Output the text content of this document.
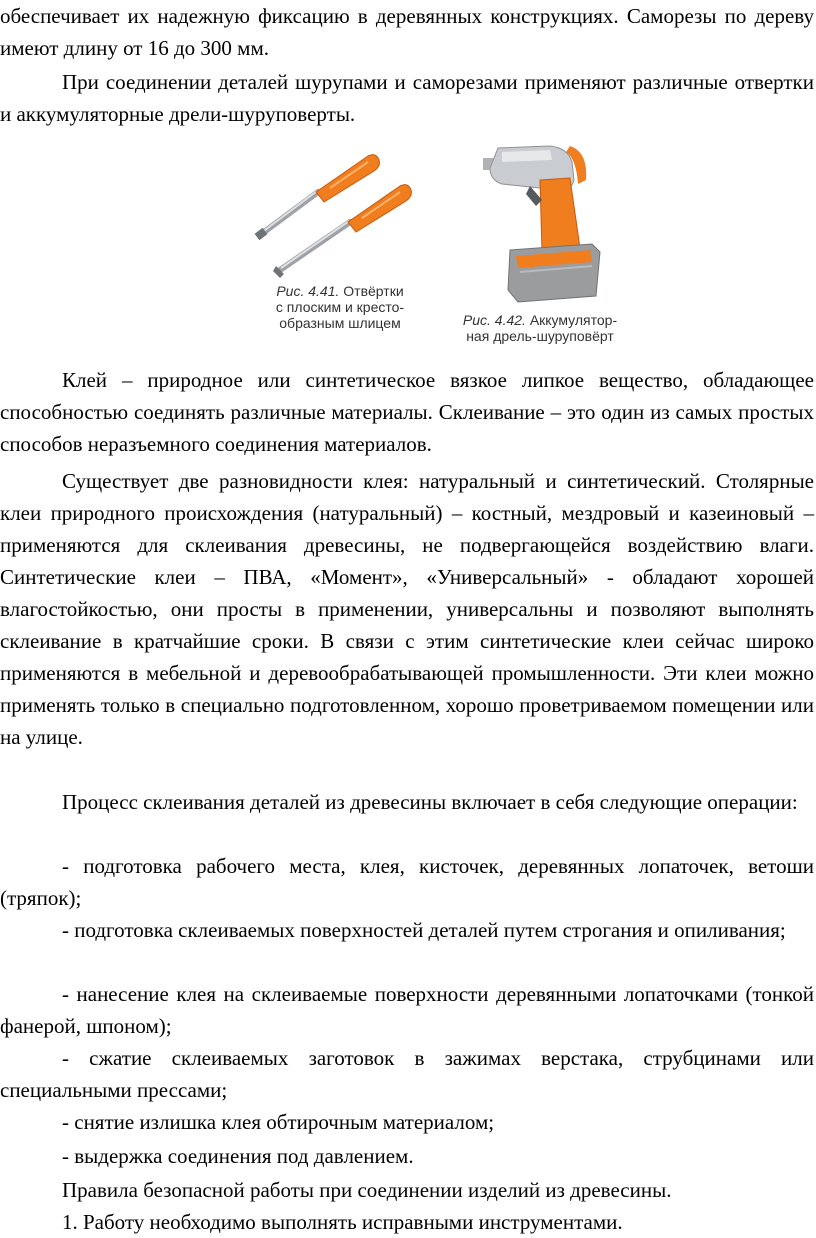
обеспечивает их надежную фиксацию в деревянных конструкциях. Саморезы по дереву имеют длину от 16 до 300 мм.

При соединении деталей шурупами и саморезами применяют различные отвертки и аккумуляторные дрели-шуруповерты.

Рис. 4.41. Отвёртки
с плоским и кресто-
образным шлицем	Рис. 4.42. Аккумулятор-
ная дрель-шуруповёрт

Клей – природное или синтетическое вязкое липкое вещество, обладающее способностью соединять различные материалы. Склеивание – это один из самых простых способов неразъемного соединения материалов.

Существует две разновидности клея: натуральный и синтетический. Столярные клеи природного происхождения (натуральный) – костный, мездровый и казеиновый – применяются для склеивания древесины, не подвергающейся воздействию влаги. Синтетические клеи – ПВА, «Момент», «Универсальный» - обладают хорошей влагостойкостью, они просты в применении, универсальны и позволяют выполнять склеивание в кратчайшие сроки. В связи с этим синтетические клеи сейчас широко применяются в мебельной и деревообрабатывающей промышленности. Эти клеи можно применять только в специально подготовленном, хорошо проветриваемом помещении или на улице.

Процесс склеивания деталей из древесины включает в себя следующие операции:

- подготовка рабочего места, клея, кисточек, деревянных лопаточек, ветоши (тряпок);

- подготовка склеиваемых поверхностей деталей путем строгания и опиливания;

- нанесение клея на склеиваемые поверхности деревянными лопаточками (тонкой фанерой, шпоном);

- сжатие склеиваемых заготовок в зажимах верстака, струбцинами или специальными прессами;

- снятие излишка клея обтирочным материалом;

- выдержка соединения под давлением.

Правила безопасной работы при соединении изделий из древесины.

1. Работу необходимо выполнять исправными инструментами.
